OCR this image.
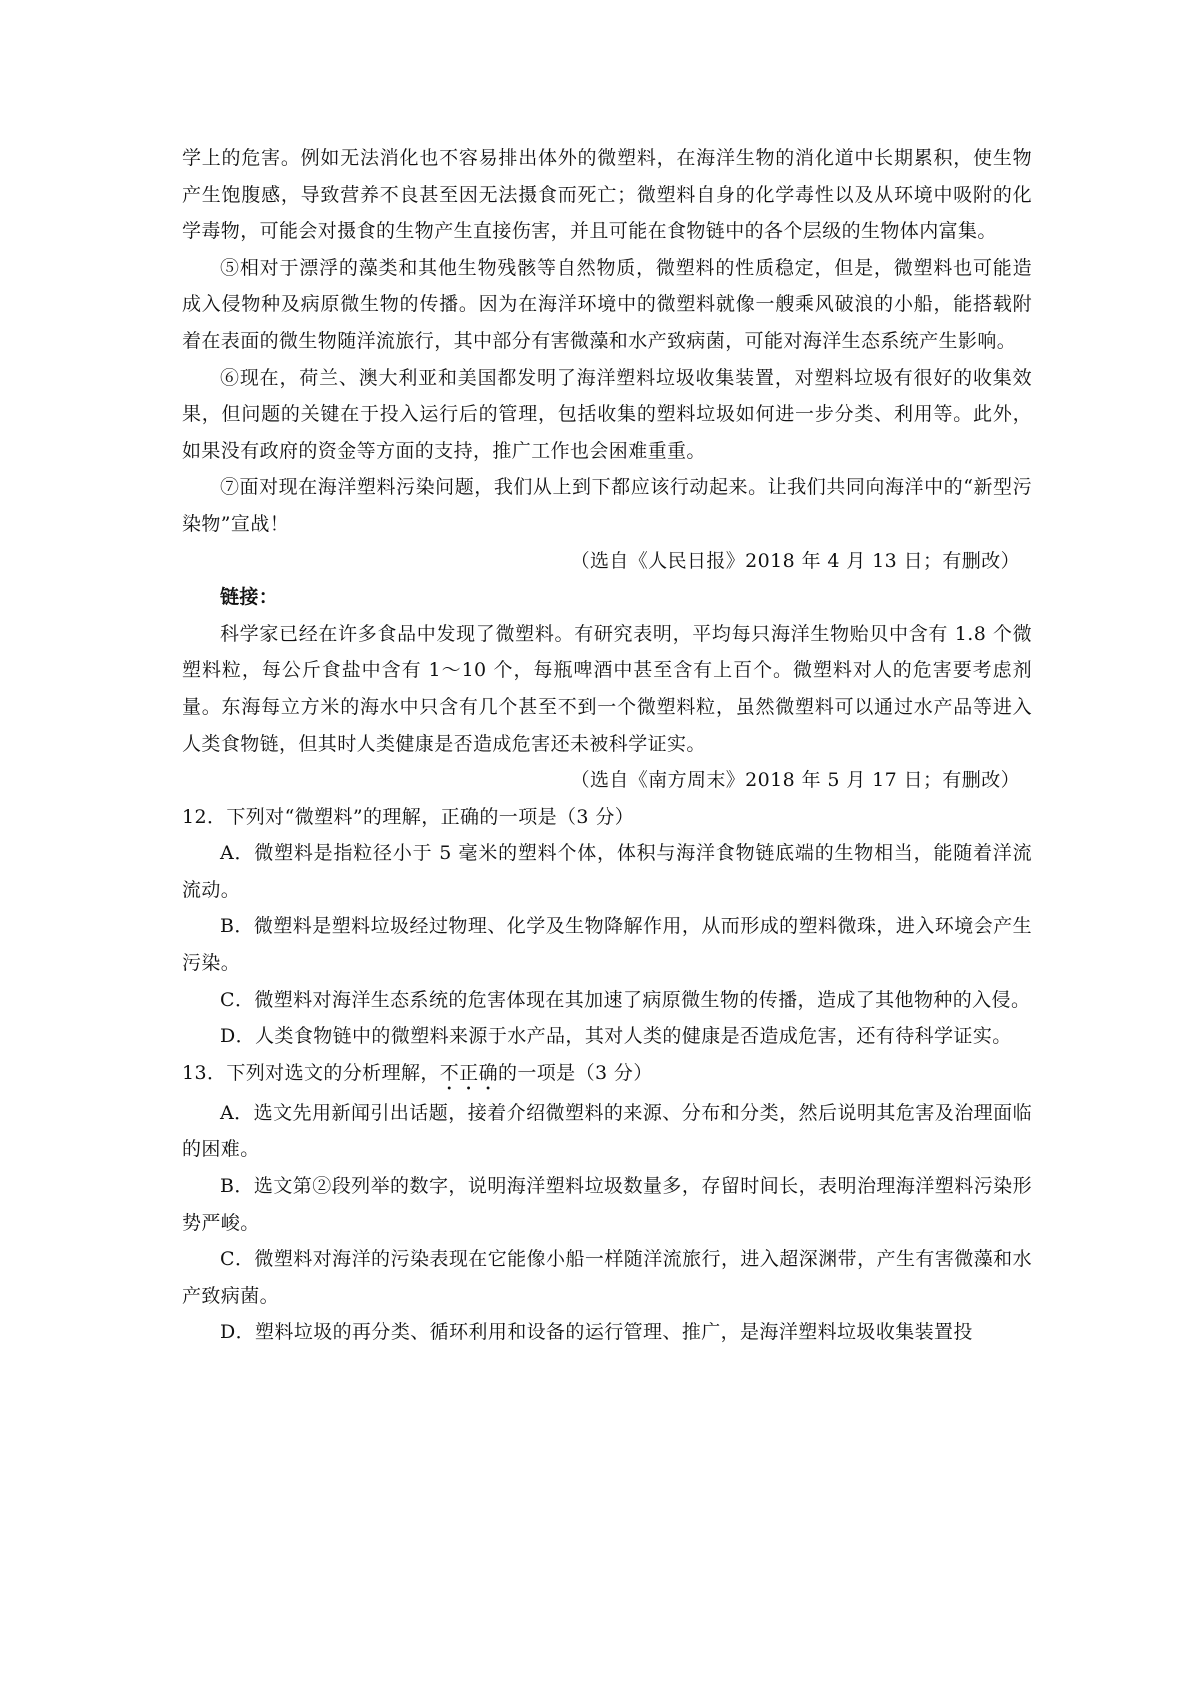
学上的危害。例如无法消化也不容易排出体外的微塑料，在海洋生物的消化道中长期累积，使生物产生饱腹感，导致营养不良甚至因无法摄食而死亡；微塑料自身的化学毒性以及从环境中吸附的化学毒物，可能会对摄食的生物产生直接伤害，并且可能在食物链中的各个层级的生物体内富集。

⑤相对于漂浮的藻类和其他生物残骸等自然物质，微塑料的性质稳定，但是，微塑料也可能造成入侵物种及病原微生物的传播。因为在海洋环境中的微塑料就像一艘乘风破浪的小船，能搭载附着在表面的微生物随洋流旅行，其中部分有害微藻和水产致病菌，可能对海洋生态系统产生影响。

⑥现在，荷兰、澳大利亚和美国都发明了海洋塑料垃圾收集装置，对塑料垃圾有很好的收集效果，但问题的关键在于投入运行后的管理，包括收集的塑料垃圾如何进一步分类、利用等。此外，如果没有政府的资金等方面的支持，推广工作也会困难重重。

⑦面对现在海洋塑料污染问题，我们从上到下都应该行动起来。让我们共同向海洋中的“新型污染物”宣战！

（选自《人民日报》2018 年 4 月 13 日；有删改）

链接：

科学家已经在许多食品中发现了微塑料。有研究表明，平均每只海洋生物贻贝中含有 1.8 个微塑料粒，每公斤食盐中含有 1～10 个，每瓶啤酒中甚至含有上百个。微塑料对人的危害要考虑剂量。东海每立方米的海水中只含有几个甚至不到一个微塑料粒，虽然微塑料可以通过水产品等进入人类食物链，但其时人类健康是否造成危害还未被科学证实。

（选自《南方周末》2018 年 5 月 17 日；有删改）

12．下列对“微塑料”的理解，正确的一项是（3 分）

A．微塑料是指粒径小于 5 毫米的塑料个体，体积与海洋食物链底端的生物相当，能随着洋流流动。

B．微塑料是塑料垃圾经过物理、化学及生物降解作用，从而形成的塑料微珠，进入环境会产生污染。

C．微塑料对海洋生态系统的危害体现在其加速了病原微生物的传播，造成了其他物种的入侵。

D．人类食物链中的微塑料来源于水产品，其对人类的健康是否造成危害，还有待科学证实。

13．下列对选文的分析理解，不正确的一项是（3 分）

A．选文先用新闻引出话题，接着介绍微塑料的来源、分布和分类，然后说明其危害及治理面临的困难。

B．选文第②段列举的数字，说明海洋塑料垃圾数量多，存留时间长，表明治理海洋塑料污染形势严峻。

C．微塑料对海洋的污染表现在它能像小船一样随洋流旅行，进入超深渊带，产生有害微藻和水产致病菌。

D．塑料垃圾的再分类、循环利用和设备的运行管理、推广，是海洋塑料垃圾收集装置投
